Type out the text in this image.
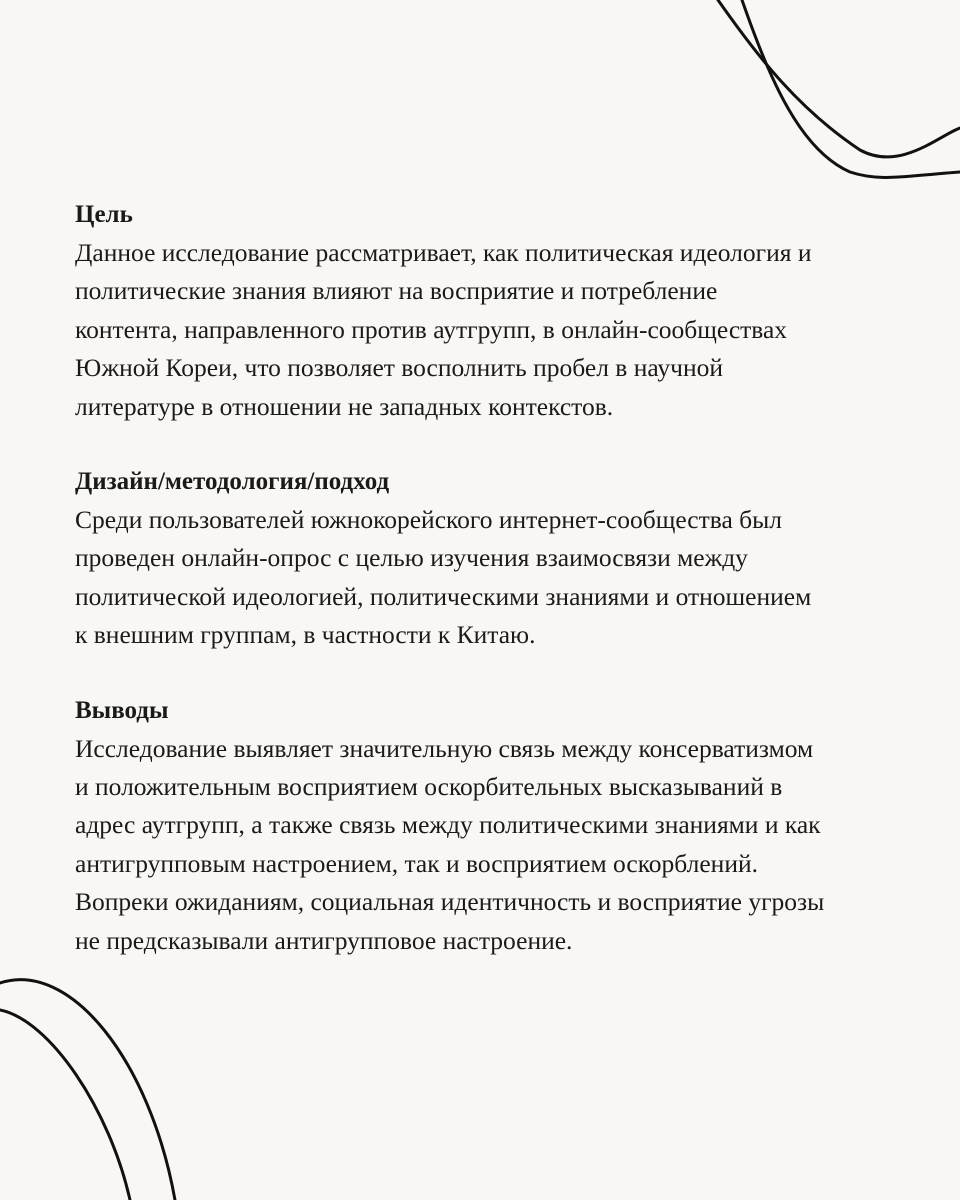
Цель

Данное исследование рассматривает, как политическая идеология и
политические знания влияют на восприятие и потребление
контента, направленного против аутгрупп, в онлайн-сообществах
Южной Кореи, что позволяет восполнить пробел в научной
литературе в отношении не западных контекстов.

Дизайн/методология/подход

Среди пользователей южнокорейского интернет-сообщества был
проведен онлайн-опрос с целью изучения взаимосвязи между
политической идеологией, политическими знаниями и отношением
к внешним группам, в частности к Китаю.

Выводы

Исследование выявляет значительную связь между консерватизмом
и положительным восприятием оскорбительных высказываний в
адрес аутгрупп, а также связь между политическими знаниями и как
антигрупповым настроением, так и восприятием оскорблений.
Вопреки ожиданиям, социальная идентичность и восприятие угрозы
не предсказывали антигрупповое настроение.
